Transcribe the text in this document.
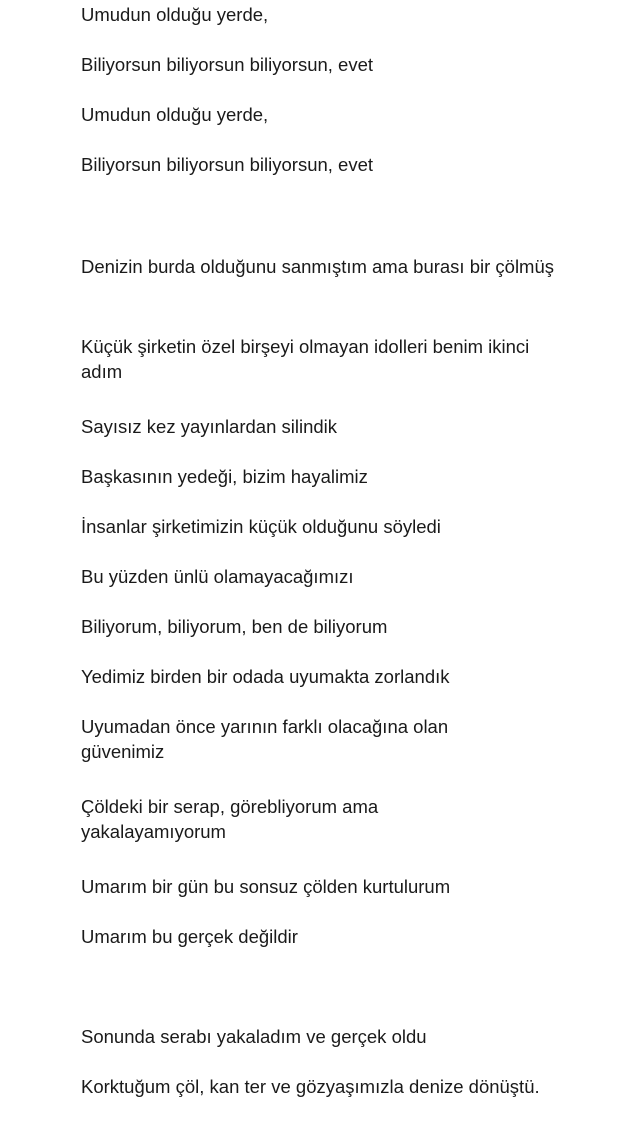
Umudun olduğu yerde,

Biliyorsun biliyorsun biliyorsun, evet

Umudun olduğu yerde,

Biliyorsun biliyorsun biliyorsun, evet

Denizin burda olduğunu sanmıştım ama burası bir çölmüş

Küçük şirketin özel birşeyi olmayan idolleri benim ikinci adım

Sayısız kez yayınlardan silindik

Başkasının yedeği, bizim hayalimiz

İnsanlar şirketimizin küçük olduğunu söyledi

Bu yüzden ünlü olamayacağımızı

Biliyorum, biliyorum, ben de biliyorum

Yedimiz birden bir odada uyumakta zorlandık

Uyumadan önce yarının farklı olacağına olan güvenimiz

Çöldeki bir serap, görebliyorum ama yakalayamıyorum

Umarım bir gün bu sonsuz çölden kurtulurum

Umarım bu gerçek değildir

Sonunda serabı yakaladım ve gerçek oldu

Korktuğum çöl, kan ter ve gözyaşımızla denize dönüştü.
